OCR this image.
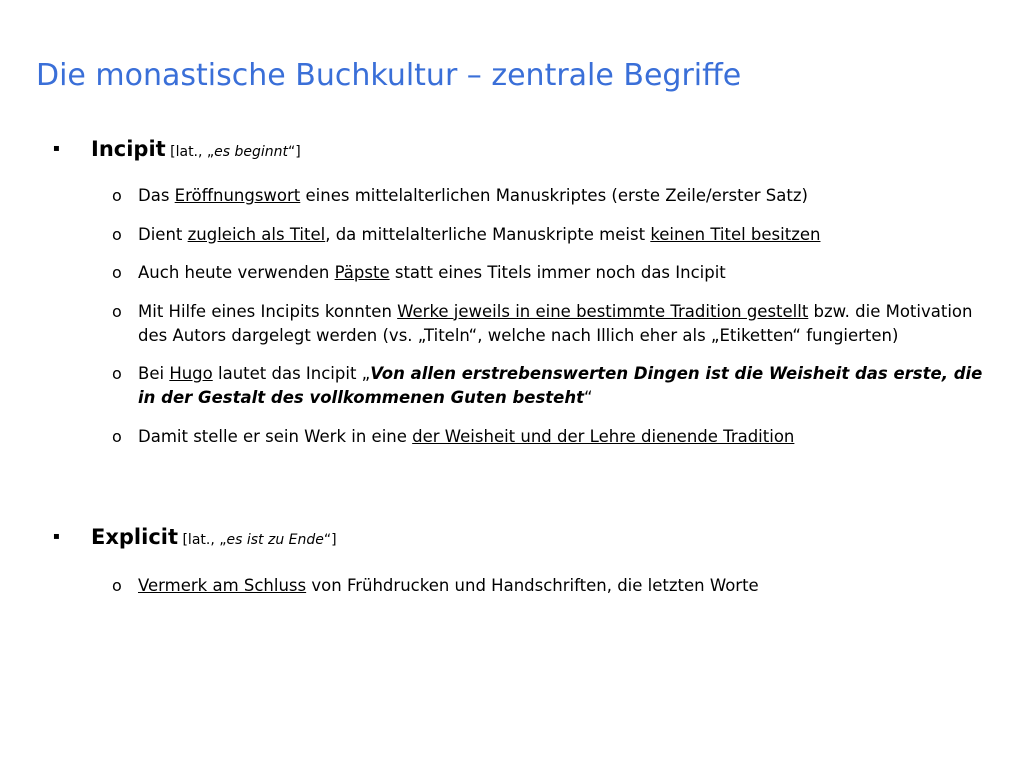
Die monastische Buchkultur – zentrale Begriffe
▪ Incipit [lat., „es beginnt“]
o Das Eröffnungswort eines mittelalterlichen Manuskriptes (erste Zeile/erster Satz)
o Dient zugleich als Titel, da mittelalterliche Manuskripte meist keinen Titel besitzen
o Auch heute verwenden Päpste statt eines Titels immer noch das Incipit
o Mit Hilfe eines Incipits konnten Werke jeweils in eine bestimmte Tradition gestellt bzw. die Motivation des Autors dargelegt werden (vs. „Titeln“, welche nach Illich eher als „Etiketten“ fungierten)
o Bei Hugo lautet das Incipit „Von allen erstrebenswerten Dingen ist die Weisheit das erste, die in der Gestalt des vollkommenen Guten besteht“
o Damit stelle er sein Werk in eine der Weisheit und der Lehre dienende Tradition
▪ Explicit [lat., „es ist zu Ende“]
o Vermerk am Schluss von Frühdrucken und Handschriften, die letzten Worte
